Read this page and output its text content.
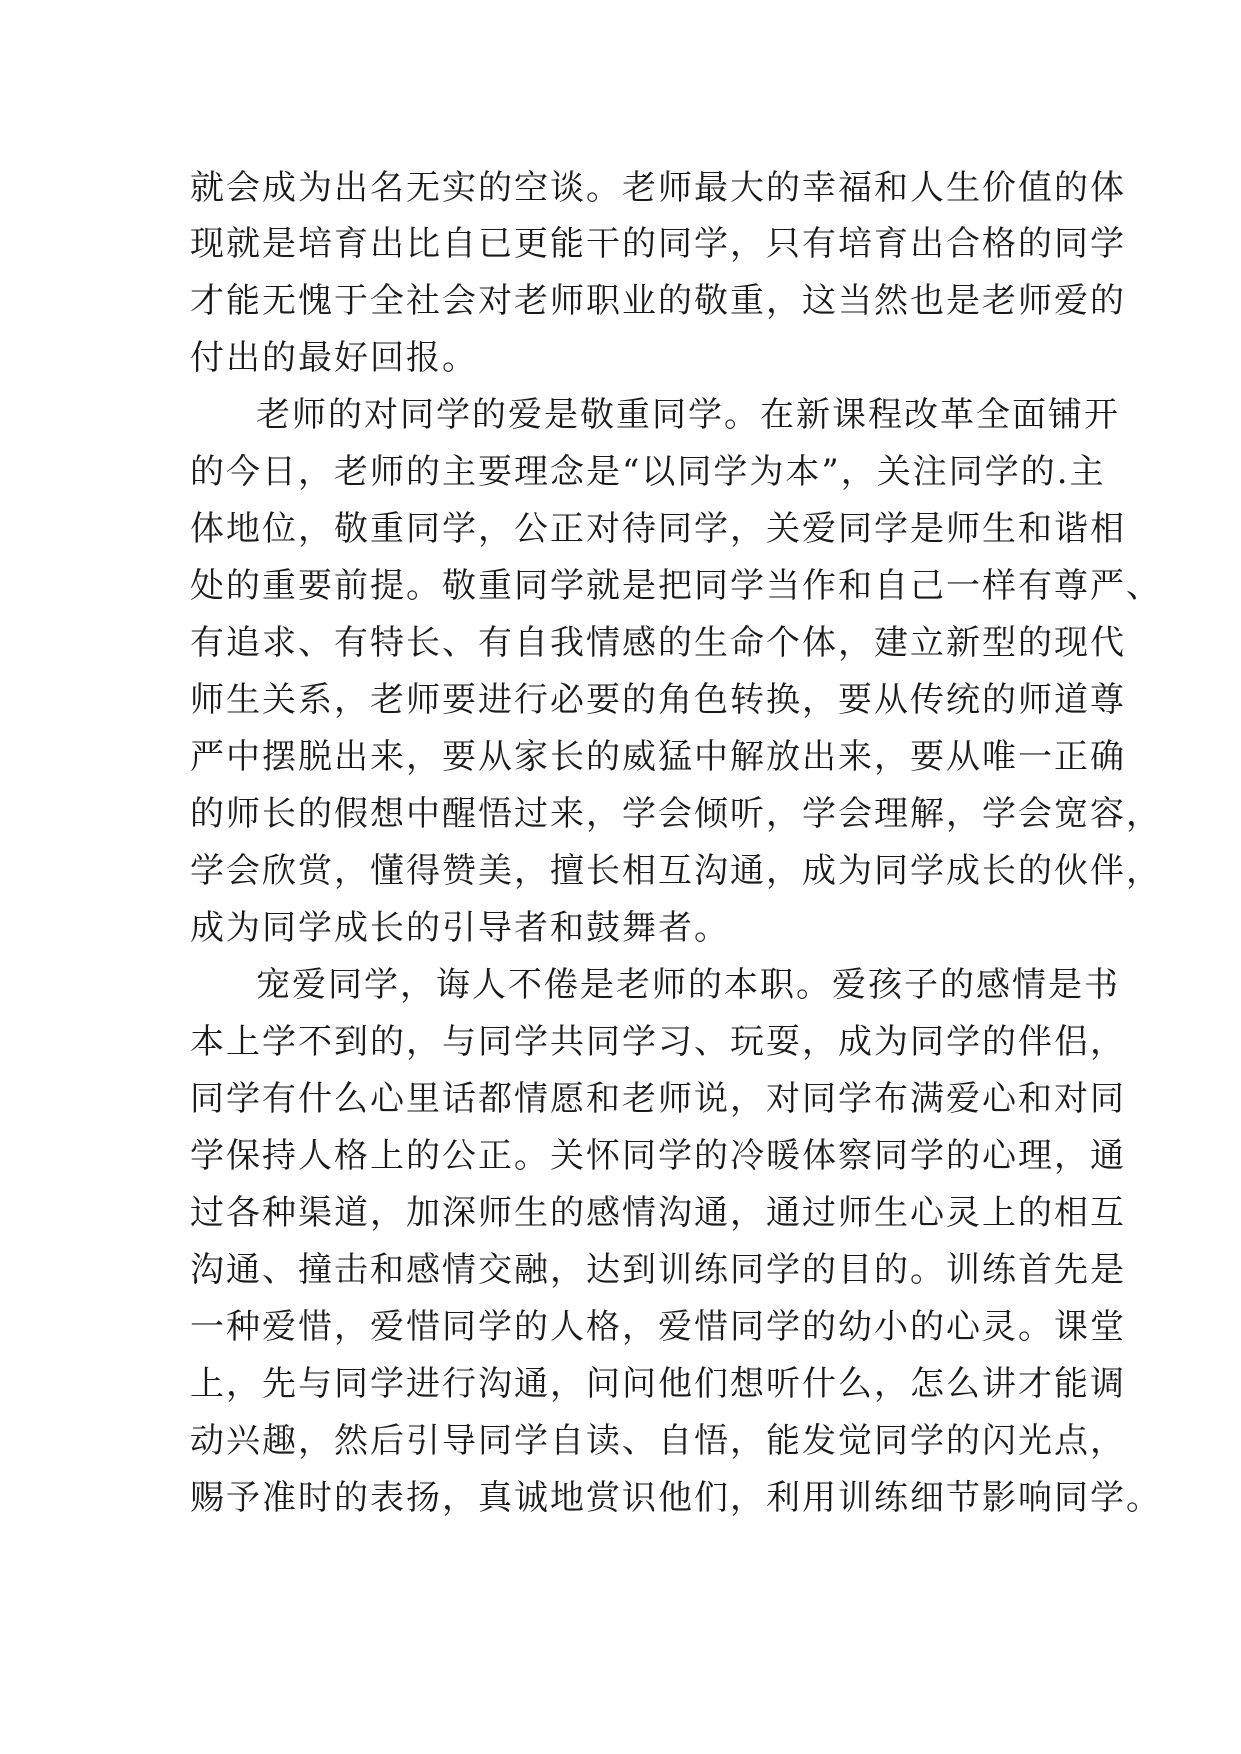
就会成为出名无实的空谈。老师最大的幸福和人生价值的体
现就是培育出比自已更能干的同学，只有培育出合格的同学
才能无愧于全社会对老师职业的敬重，这当然也是老师爱的
付出的最好回报。
老师的对同学的爱是敬重同学。在新课程改革全面铺开
的今日，老师的主要理念是“以同学为本”，关注同学的.主
体地位，敬重同学，公正对待同学，关爱同学是师生和谐相
处的重要前提。敬重同学就是把同学当作和自己一样有尊严、
有追求、有特长、有自我情感的生命个体，建立新型的现代
师生关系，老师要进行必要的角色转换，要从传统的师道尊
严中摆脱出来，要从家长的威猛中解放出来，要从唯一正确
的师长的假想中醒悟过来，学会倾听，学会理解，学会宽容，
学会欣赏，懂得赞美，擅长相互沟通，成为同学成长的伙伴，
成为同学成长的引导者和鼓舞者。
宠爱同学，诲人不倦是老师的本职。爱孩子的感情是书
本上学不到的，与同学共同学习、玩耍，成为同学的伴侣，
同学有什么心里话都情愿和老师说，对同学布满爱心和对同
学保持人格上的公正。关怀同学的冷暖体察同学的心理，通
过各种渠道，加深师生的感情沟通，通过师生心灵上的相互
沟通、撞击和感情交融，达到训练同学的目的。训练首先是
一种爱惜，爱惜同学的人格，爱惜同学的幼小的心灵。课堂
上，先与同学进行沟通，问问他们想听什么，怎么讲才能调
动兴趣，然后引导同学自读、自悟，能发觉同学的闪光点，
赐予准时的表扬，真诚地赏识他们，利用训练细节影响同学。
